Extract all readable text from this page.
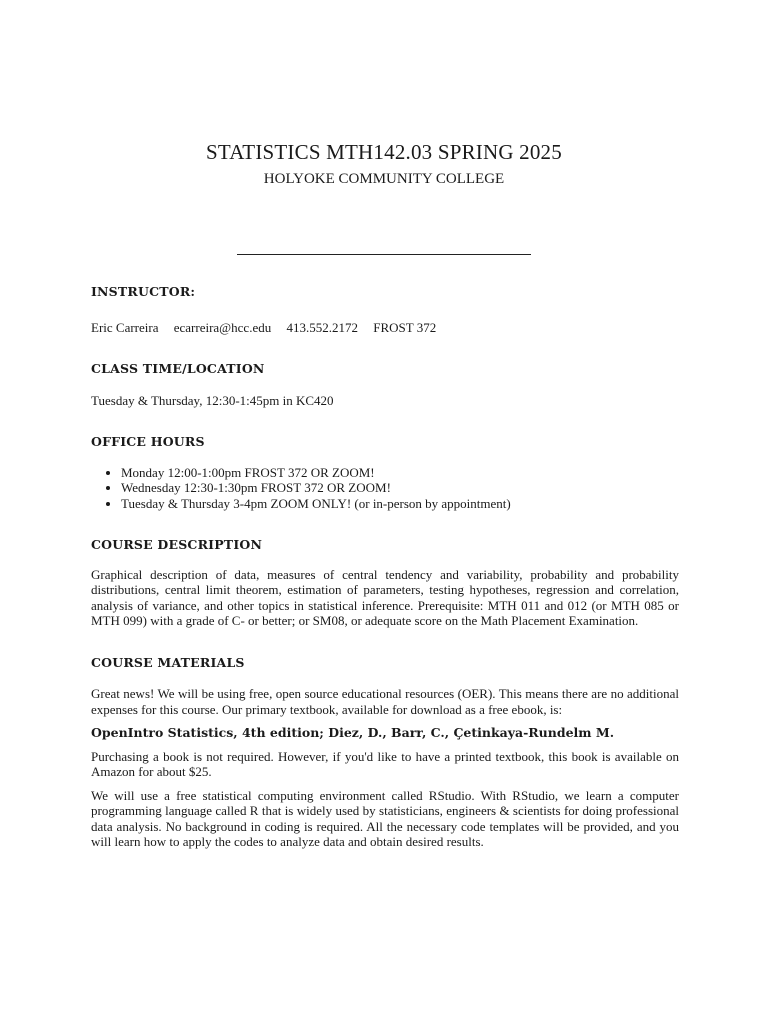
STATISTICS MTH142.03 SPRING 2025
HOLYOKE COMMUNITY COLLEGE
INSTRUCTOR:

Eric Carreira ecarreira@hcc.edu 413.552.2172 FROST 372

CLASS TIME/LOCATION

Tuesday & Thursday, 12:30-1:45pm in KC420

OFFICE HOURS
• Monday 12:00-1:00pm FROST 372 OR ZOOM!
• Wednesday 12:30-1:30pm FROST 372 OR ZOOM!
• Tuesday & Thursday 3-4pm ZOOM ONLY! (or in-person by appointment)
COURSE DESCRIPTION

Graphical description of data, measures of central tendency and variability, probability and probability distributions, central limit theorem, estimation of parameters, testing hypotheses, regression and correlation, analysis of variance, and other topics in statistical inference. Prerequisite: MTH 011 and 012 (or MTH 085 or MTH 099) with a grade of C- or better; or SM08, or adequate score on the Math Placement Examination.

COURSE MATERIALS

Great news! We will be using free, open source educational resources (OER). This means there are no additional expenses for this course. Our primary textbook, available for download as a free ebook, is:

OpenIntro Statistics, 4th edition; Diez, D., Barr, C., Çetinkaya-Rundelm M.

Purchasing a book is not required. However, if you'd like to have a printed textbook, this book is available on Amazon for about $25.

We will use a free statistical computing environment called RStudio. With RStudio, we learn a computer programming language called R that is widely used by statisticians, engineers & scientists for doing professional data analysis. No background in coding is required. All the necessary code templates will be provided, and you will learn how to apply the codes to analyze data and obtain desired results.
